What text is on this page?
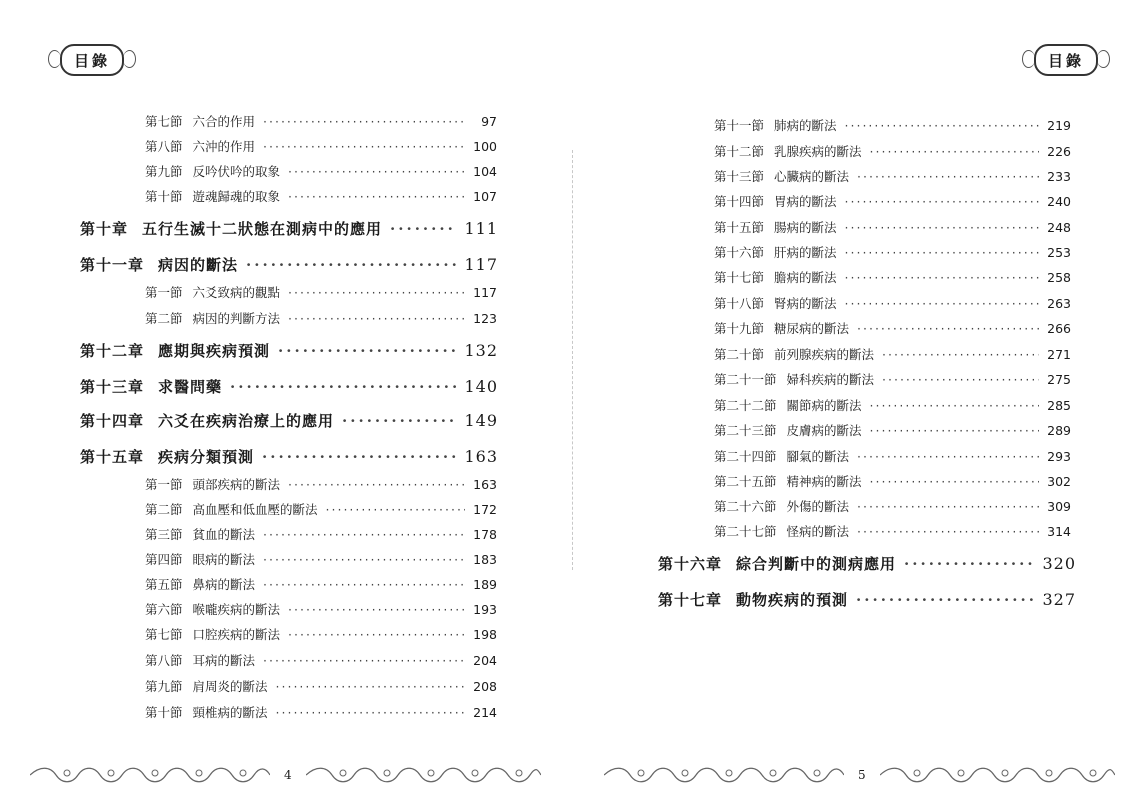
目錄
第七節 六合的作用 ·····	97
第八節 六沖的作用 ·····	100
第九節 反吟伏吟的取象 ·····	104
第十節 遊魂歸魂的取象 ·····	107
第十章 五行生滅十二狀態在測病中的應用 ·····	111
第十一章 病因的斷法 ·····	117
第一節 六爻致病的觀點 ·····	117
第二節 病因的判斷方法 ·····	123
第十二章 應期與疾病預測 ·····	132
第十三章 求醫問藥 ·····	140
第十四章 六爻在疾病治療上的應用 ·····	149
第十五章 疾病分類預測 ·····	163
第一節 頭部疾病的斷法 ·····	163
第二節 高血壓和低血壓的斷法 ·····	172
第三節 貧血的斷法 ·····	178
第四節 眼病的斷法 ·····	183
第五節 鼻病的斷法 ·····	189
第六節 喉嚨疾病的斷法 ·····	193
第七節 口腔疾病的斷法 ·····	198
第八節 耳病的斷法 ·····	204
第九節 肩周炎的斷法 ·····	208
第十節 頸椎病的斷法 ·····	214
4
目錄
第十一節 肺病的斷法 ·····	219
第十二節 乳腺疾病的斷法 ·····	226
第十三節 心臟病的斷法 ·····	233
第十四節 胃病的斷法 ·····	240
第十五節 腸病的斷法 ·····	248
第十六節 肝病的斷法 ·····	253
第十七節 膽病的斷法 ·····	258
第十八節 腎病的斷法 ·····	263
第十九節 糖尿病的斷法 ·····	266
第二十節 前列腺疾病的斷法 ·····	271
第二十一節 婦科疾病的斷法 ·····	275
第二十二節 關節病的斷法 ·····	285
第二十三節 皮膚病的斷法 ·····	289
第二十四節 腳氣的斷法 ·····	293
第二十五節 精神病的斷法 ·····	302
第二十六節 外傷的斷法 ·····	309
第二十七節 怪病的斷法 ·····	314
第十六章 綜合判斷中的測病應用 ·····	320
第十七章 動物疾病的預測 ·····	327
5
